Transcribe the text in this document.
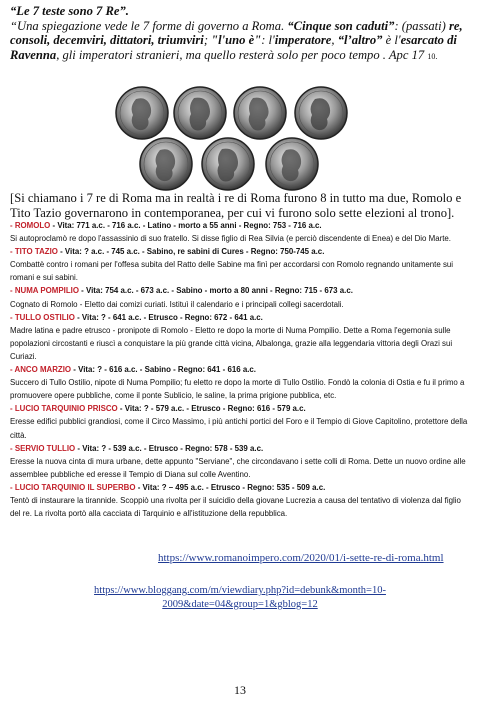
“Le 7 teste sono 7 Re”.
“Una spiegazione vede le 7 forme di governo a Roma. “Cinque son caduti”: (passati) re, consoli, decemviri, dittatori, triumviri; "l'uno è": l'imperatore, “l’altro” è l'esarcato di Ravenna, gli imperatori stranieri, ma quello resterà solo per poco tempo . Apc 17 10.
[Si chiamano i 7 re di Roma ma in realtà i re di Roma furono 8 in tutto ma due, Romolo e Tito Tazio governarono in contemporanea, per cui vi furono solo sette elezioni al trono].

- ROMOLO - Vita: 771 a.c. - 716 a.c. - Latino - morto a 55 anni - Regno: 753 - 716 a.c.

Si autoproclamò re dopo l'assassinio di suo fratello. Si disse figlio di Rea Silvia (e perciò discendente di Enea) e del Dio Marte.

- TITO TAZIO - Vita: ? a.c. - 745 a.c. - Sabino, re sabini di Cures - Regno: 750-745 a.c.

Combattè contro i romani per l'offesa subita del Ratto delle Sabine ma finì per accordarsi con Romolo regnando unitamente sui romani e sui sabini.

- NUMA POMPILIO - Vita: 754 a.c. - 673 a.c. - Sabino - morto a 80 anni - Regno: 715 - 673 a.c.

Cognato di Romolo - Eletto dai comizi curiati. Istituì il calendario e i principali collegi sacerdotali.

- TULLO OSTILIO - Vita: ? - 641 a.c. - Etrusco - Regno: 672 - 641 a.c.

Madre latina e padre etrusco - pronipote di Romolo - Eletto re dopo la morte di Numa Pompilio. Dette a Roma l'egemonia sulle popolazioni circostanti e riuscì a conquistare la più grande città vicina, Albalonga, grazie alla leggendaria vittoria degli Orazi sui Curiazi.

- ANCO MARZIO - Vita: ? - 616 a.c. - Sabino - Regno: 641 - 616 a.c.

Succero di Tullo Ostilio, nipote di Numa Pompilio; fu eletto re dopo la morte di Tullo Ostilio. Fondò la colonia di Ostia e fu il primo a promuovere opere pubbliche, come il ponte Sublicio, le saline, la prima prigione pubblica, etc.

- LUCIO TARQUINIO PRISCO - Vita: ? - 579 a.c. - Etrusco - Regno: 616 - 579 a.c.

Eresse edifici pubblici grandiosi, come il Circo Massimo, i più antichi portici del Foro e il Tempio di Giove Capitolino, protettore della città.

- SERVIO TULLIO - Vita: ? - 539 a.c. - Etrusco - Regno: 578 - 539 a.c.

Eresse la nuova cinta di mura urbane, dette appunto "Serviane", che circondavano i sette colli di Roma. Dette un nuovo ordine alle assemblee pubbliche ed eresse il Tempio di Diana sul colle Aventino.

- LUCIO TARQUINIO IL SUPERBO - Vita: ? – 495 a.c. - Etrusco - Regno: 535 - 509 a.c.

Tentò di instaurare la tirannide. Scoppiò una rivolta per il suicidio della giovane Lucrezia a causa del tentativo di violenza dal figlio del re. La rivolta portò alla cacciata di Tarquinio e all'istituzione della repubblica.

https://www.romanoimpero.com/2020/01/i-sette-re-di-roma.html
https://www.bloggang.com/m/viewdiary.php?id=debunk&month=10-2009&date=04&group=1&gblog=12
13
